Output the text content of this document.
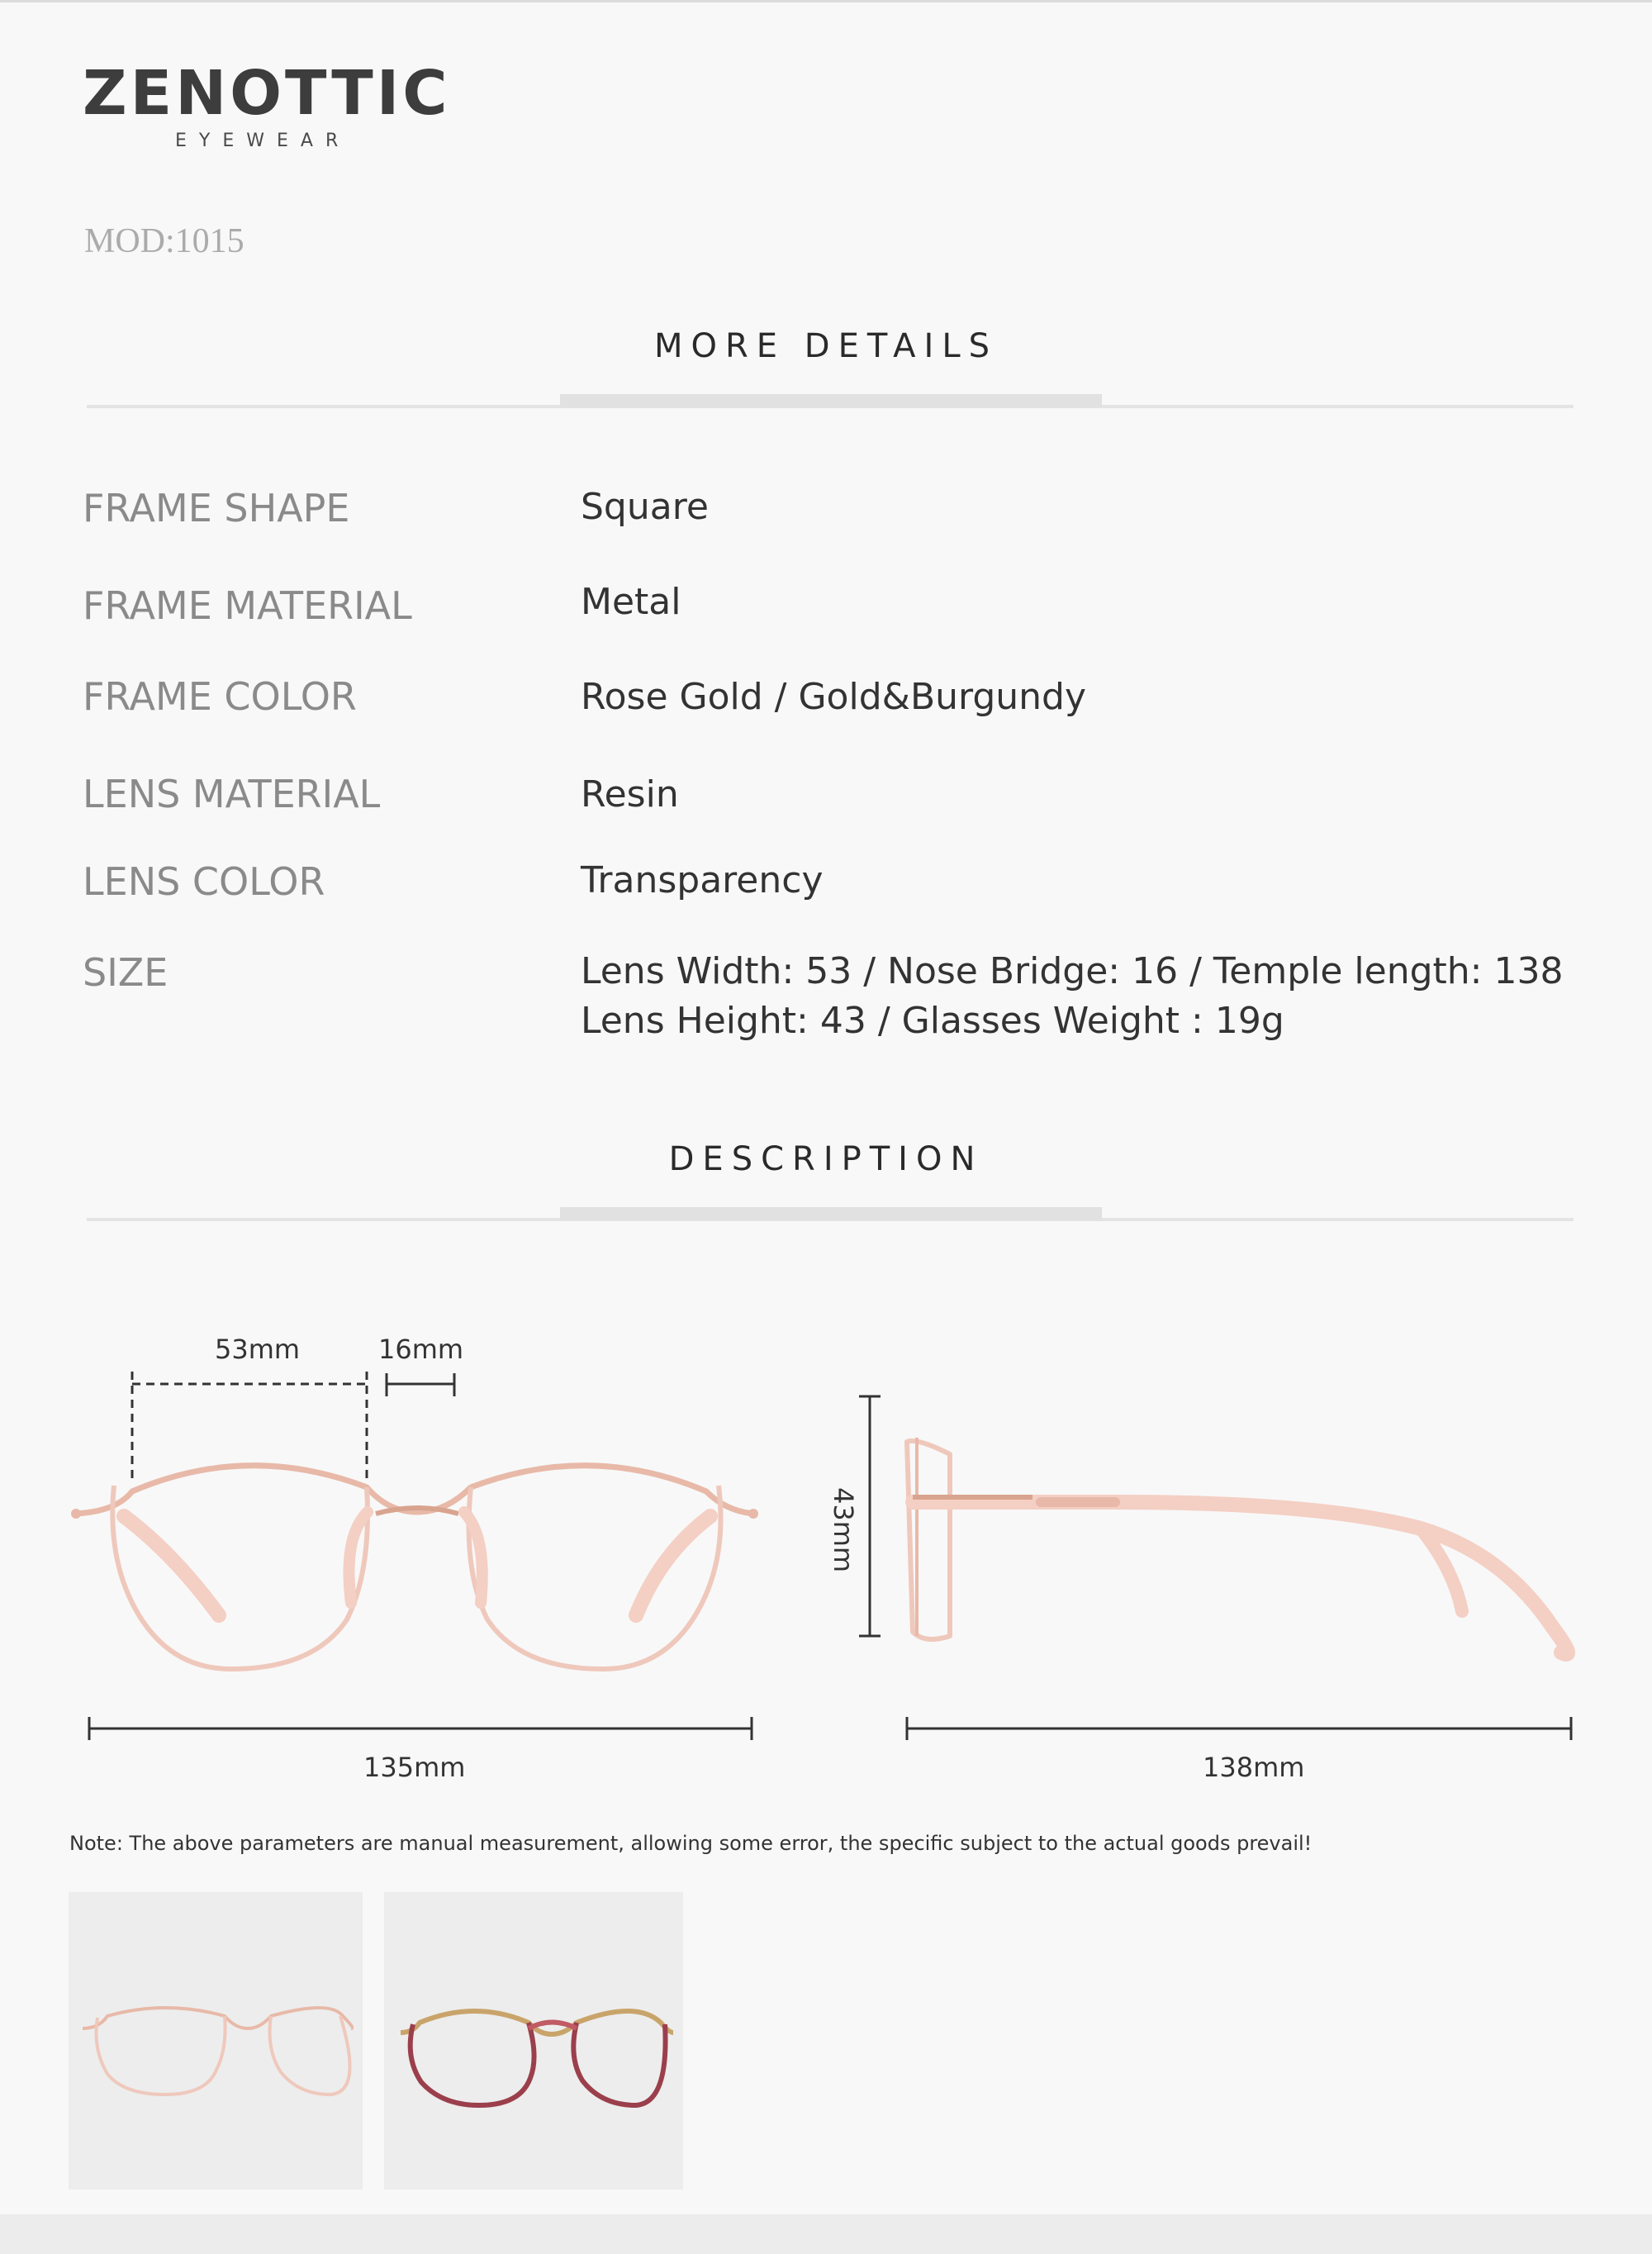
ZENOTTIC
EYEWEAR
MOD:1015
MORE DETAILS
FRAME SHAPE	Square
FRAME MATERIAL	Metal
FRAME COLOR	Rose Gold / Gold&Burgundy
LENS MATERIAL	Resin
LENS COLOR	Transparency
SIZE	Lens Width: 53 / Nose Bridge: 16 / Temple length: 138
Lens Height: 43 / Glasses Weight : 19g
DESCRIPTION
53mm	16mm
43mm
135mm	138mm
Note: The above parameters are manual measurement, allowing some error, the specific subject to the actual goods prevail!
